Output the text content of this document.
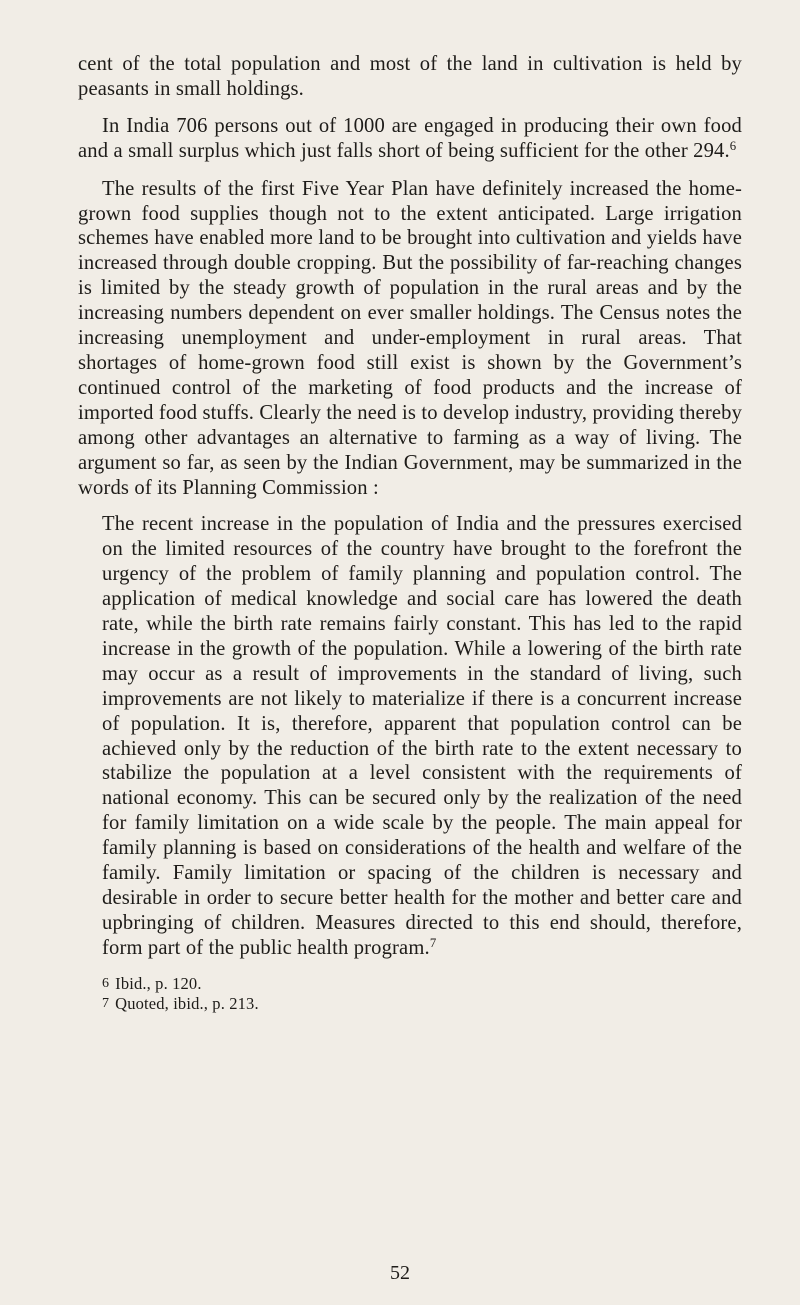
cent of the total population and most of the land in cultivation is held by peasants in small holdings.

In India 706 persons out of 1000 are engaged in producing their own food and a small surplus which just falls short of being sufficient for the other 294.$^6$

The results of the first Five Year Plan have definitely increased the home-grown food supplies though not to the extent anticipated. Large irrigation schemes have enabled more land to be brought into cultivation and yields have increased through double cropping. But the possibility of far-reaching changes is limited by the steady growth of population in the rural areas and by the increasing numbers dependent on ever smaller holdings. The Census notes the increasing unemployment and under-employment in rural areas. That shortages of home-grown food still exist is shown by the Government’s continued control of the marketing of food products and the increase of imported food stuffs. Clearly the need is to develop industry, providing thereby among other advantages an alternative to farming as a way of living. The argument so far, as seen by the Indian Government, may be summarized in the words of its Planning Commission :

The recent increase in the population of India and the pressures exercised on the limited resources of the country have brought to the forefront the urgency of the problem of family planning and population control. The application of medical knowledge and social care has lowered the death rate, while the birth rate remains fairly constant. This has led to the rapid increase in the growth of the population. While a lowering of the birth rate may occur as a result of improvements in the standard of living, such improvements are not likely to materialize if there is a concurrent increase of population. It is, therefore, apparent that population control can be achieved only by the reduction of the birth rate to the extent necessary to stabilize the population at a level consistent with the requirements of national economy. This can be secured only by the realization of the need for family limitation on a wide scale by the people. The main appeal for family planning is based on considerations of the health and welfare of the family. Family limitation or spacing of the children is necessary and desirable in order to secure better health for the mother and better care and upbringing of children. Measures directed to this end should, therefore, form part of the public health program.$^7$

6 Ibid., p. 120.
7 Quoted, ibid., p. 213.
52
